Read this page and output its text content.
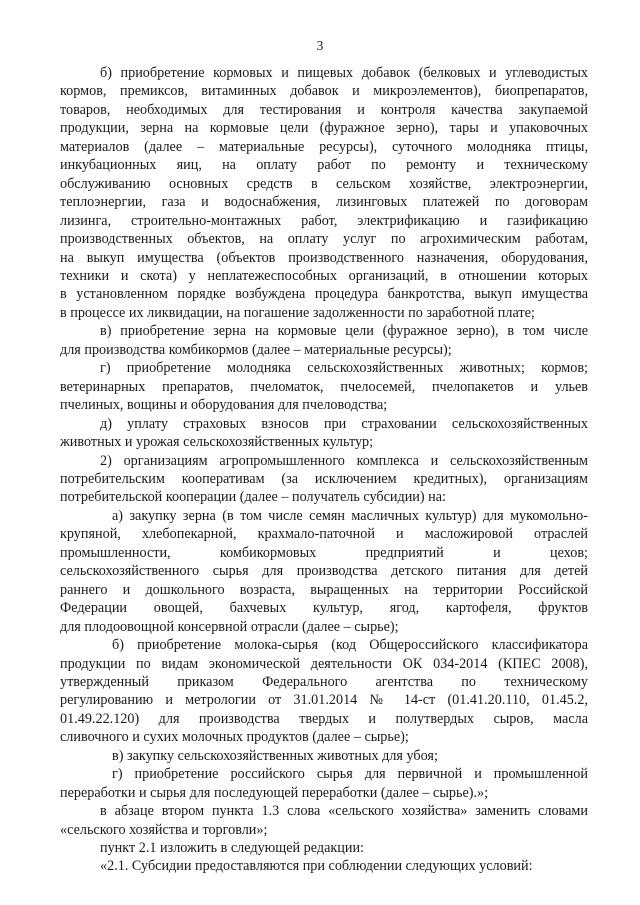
3
б) приобретение кормовых и пищевых добавок (белковых и углеводистых
кормов, премиксов, витаминных добавок и микроэлементов), биопрепаратов,
товаров, необходимых для тестирования и контроля качества закупаемой
продукции, зерна на кормовые цели (фуражное зерно), тары и упаковочных
материалов (далее – материальные ресурсы), суточного молодняка птицы,
инкубационных яиц, на оплату работ по ремонту и техническому
обслуживанию основных средств в сельском хозяйстве, электроэнергии,
теплоэнергии, газа и водоснабжения, лизинговых платежей по договорам
лизинга, строительно-монтажных работ, электрификацию и газификацию
производственных объектов, на оплату услуг по агрохимическим работам,
на выкуп имущества (объектов производственного назначения, оборудования,
техники и скота) у неплатежеспособных организаций, в отношении которых
в установленном порядке возбуждена процедура банкротства, выкуп имущества
в процессе их ликвидации, на погашение задолженности по заработной плате;
в) приобретение зерна на кормовые цели (фуражное зерно), в том числе
для производства комбикормов (далее – материальные ресурсы);
г) приобретение молодняка сельскохозяйственных животных; кормов;
ветеринарных препаратов, пчеломаток, пчелосемей, пчелопакетов и ульев
пчелиных, вощины и оборудования для пчеловодства;
д) уплату страховых взносов при страховании сельскохозяйственных
животных и урожая сельскохозяйственных культур;
2) организациям агропромышленного комплекса и сельскохозяйственным
потребительским кооперативам (за исключением кредитных), организациям
потребительской кооперации (далее – получатель субсидии) на:
а) закупку зерна (в том числе семян масличных культур) для мукомольно-
крупяной, хлебопекарной, крахмало-паточной и масложировой отраслей
промышленности, комбикормовых предприятий и цехов;
сельскохозяйственного сырья для производства детского питания для детей
раннего и дошкольного возраста, выращенных на территории Российской
Федерации овощей, бахчевых культур, ягод, картофеля, фруктов
для плодоовощной консервной отрасли (далее – сырье);
б) приобретение молока-сырья (код Общероссийского классификатора
продукции по видам экономической деятельности ОК 034-2014 (КПЕС 2008),
утвержденный приказом Федерального агентства по техническому
регулированию и метрологии от 31.01.2014 № 14-ст (01.41.20.110, 01.45.2,
01.49.22.120) для производства твердых и полутвердых сыров, масла
сливочного и сухих молочных продуктов (далее – сырье);
в) закупку сельскохозяйственных животных для убоя;
г) приобретение российского сырья для первичной и промышленной
переработки и сырья для последующей переработки (далее – сырье).»;
в абзаце втором пункта 1.3 слова «сельского хозяйства» заменить словами
«сельского хозяйства и торговли»;
пункт 2.1 изложить в следующей редакции:
«2.1. Субсидии предоставляются при соблюдении следующих условий:
